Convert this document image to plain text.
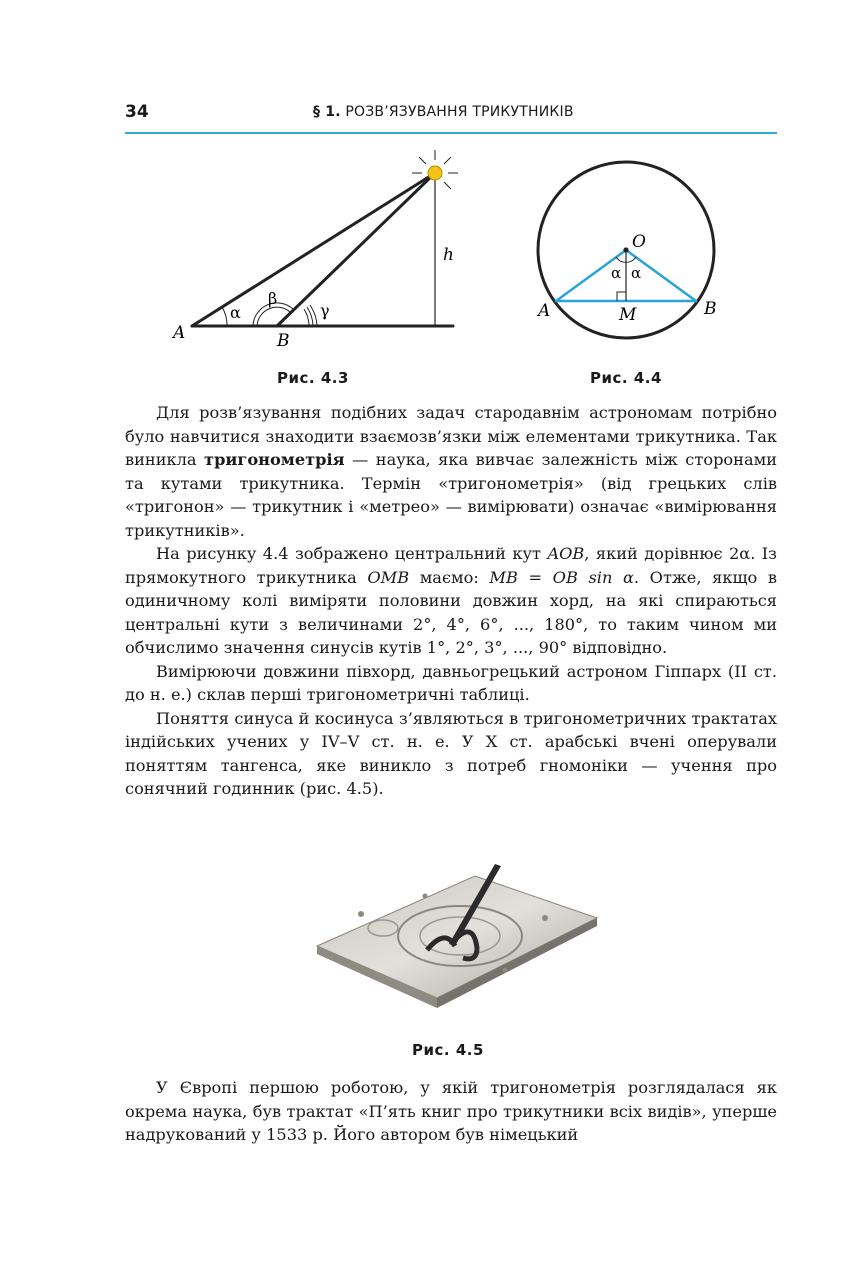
34	§ 1. РОЗВ’ЯЗУВАННЯ ТРИКУТНИКІВ
A	B
h
α
β
γ
Рис. 4.3
O
A	B
M
α α
Рис. 4.4

Для розв’язування подібних задач стародавнім астрономам потрібно було навчитися знаходити взаємозв’язки між елементами трикутника. Так виникла тригонометрія — наука, яка вивчає залежність між сторонами та кутами трикутника. Термін «тригонометрія» (від грецьких слів «тригонон» — трикутник і «метрео» — вимірювати) означає «вимірювання трикутників».

На рисунку 4.4 зображено центральний кут AOB, який дорівнює 2α. Із прямокутного трикутника OMB маємо: MB = OB sin α. Отже, якщо в одиничному колі виміряти половини довжин хорд, на які спираються центральні кути з величинами 2°, 4°, 6°, ..., 180°, то таким чином ми обчислимо значення синусів кутів 1°, 2°, 3°, ..., 90° відповідно.

Вимірюючи довжини півхорд, давньогрецький астроном Гіппарх (II ст. до н. е.) склав перші тригонометричні таблиці.

Поняття синуса й косинуса з’являються в тригонометричних трактатах індійських учених у IV–V ст. н. е. У X ст. арабські вчені оперували поняттям тангенса, яке виникло з потреб гномоніки — учення про сонячний годинник (рис. 4.5).

Рис. 4.5

У Європі першою роботою, у якій тригонометрія розглядалася як окрема наука, був трактат «П’ять книг про трикутники всіх видів», уперше надрукований у 1533 р. Його автором був німецький
